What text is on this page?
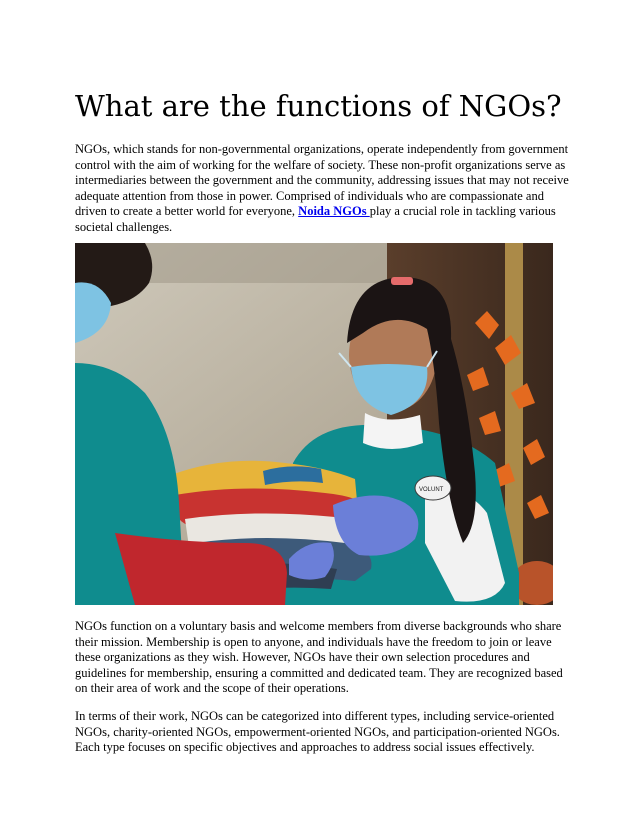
What are the functions of NGOs?

NGOs, which stands for non-governmental organizations, operate independently from government control with the aim of working for the welfare of society. These non-profit organizations serve as intermediaries between the government and the community, addressing issues that may not receive adequate attention from those in power. Comprised of individuals who are compassionate and driven to create a better world for everyone, Noida NGOs play a crucial role in tackling various societal challenges.

VOLUNT

NGOs function on a voluntary basis and welcome members from diverse backgrounds who share their mission. Membership is open to anyone, and individuals have the freedom to join or leave these organizations as they wish. However, NGOs have their own selection procedures and guidelines for membership, ensuring a committed and dedicated team. They are recognized based on their area of work and the scope of their operations.

In terms of their work, NGOs can be categorized into different types, including service-oriented NGOs, charity-oriented NGOs, empowerment-oriented NGOs, and participation-oriented NGOs. Each type focuses on specific objectives and approaches to address social issues effectively.
